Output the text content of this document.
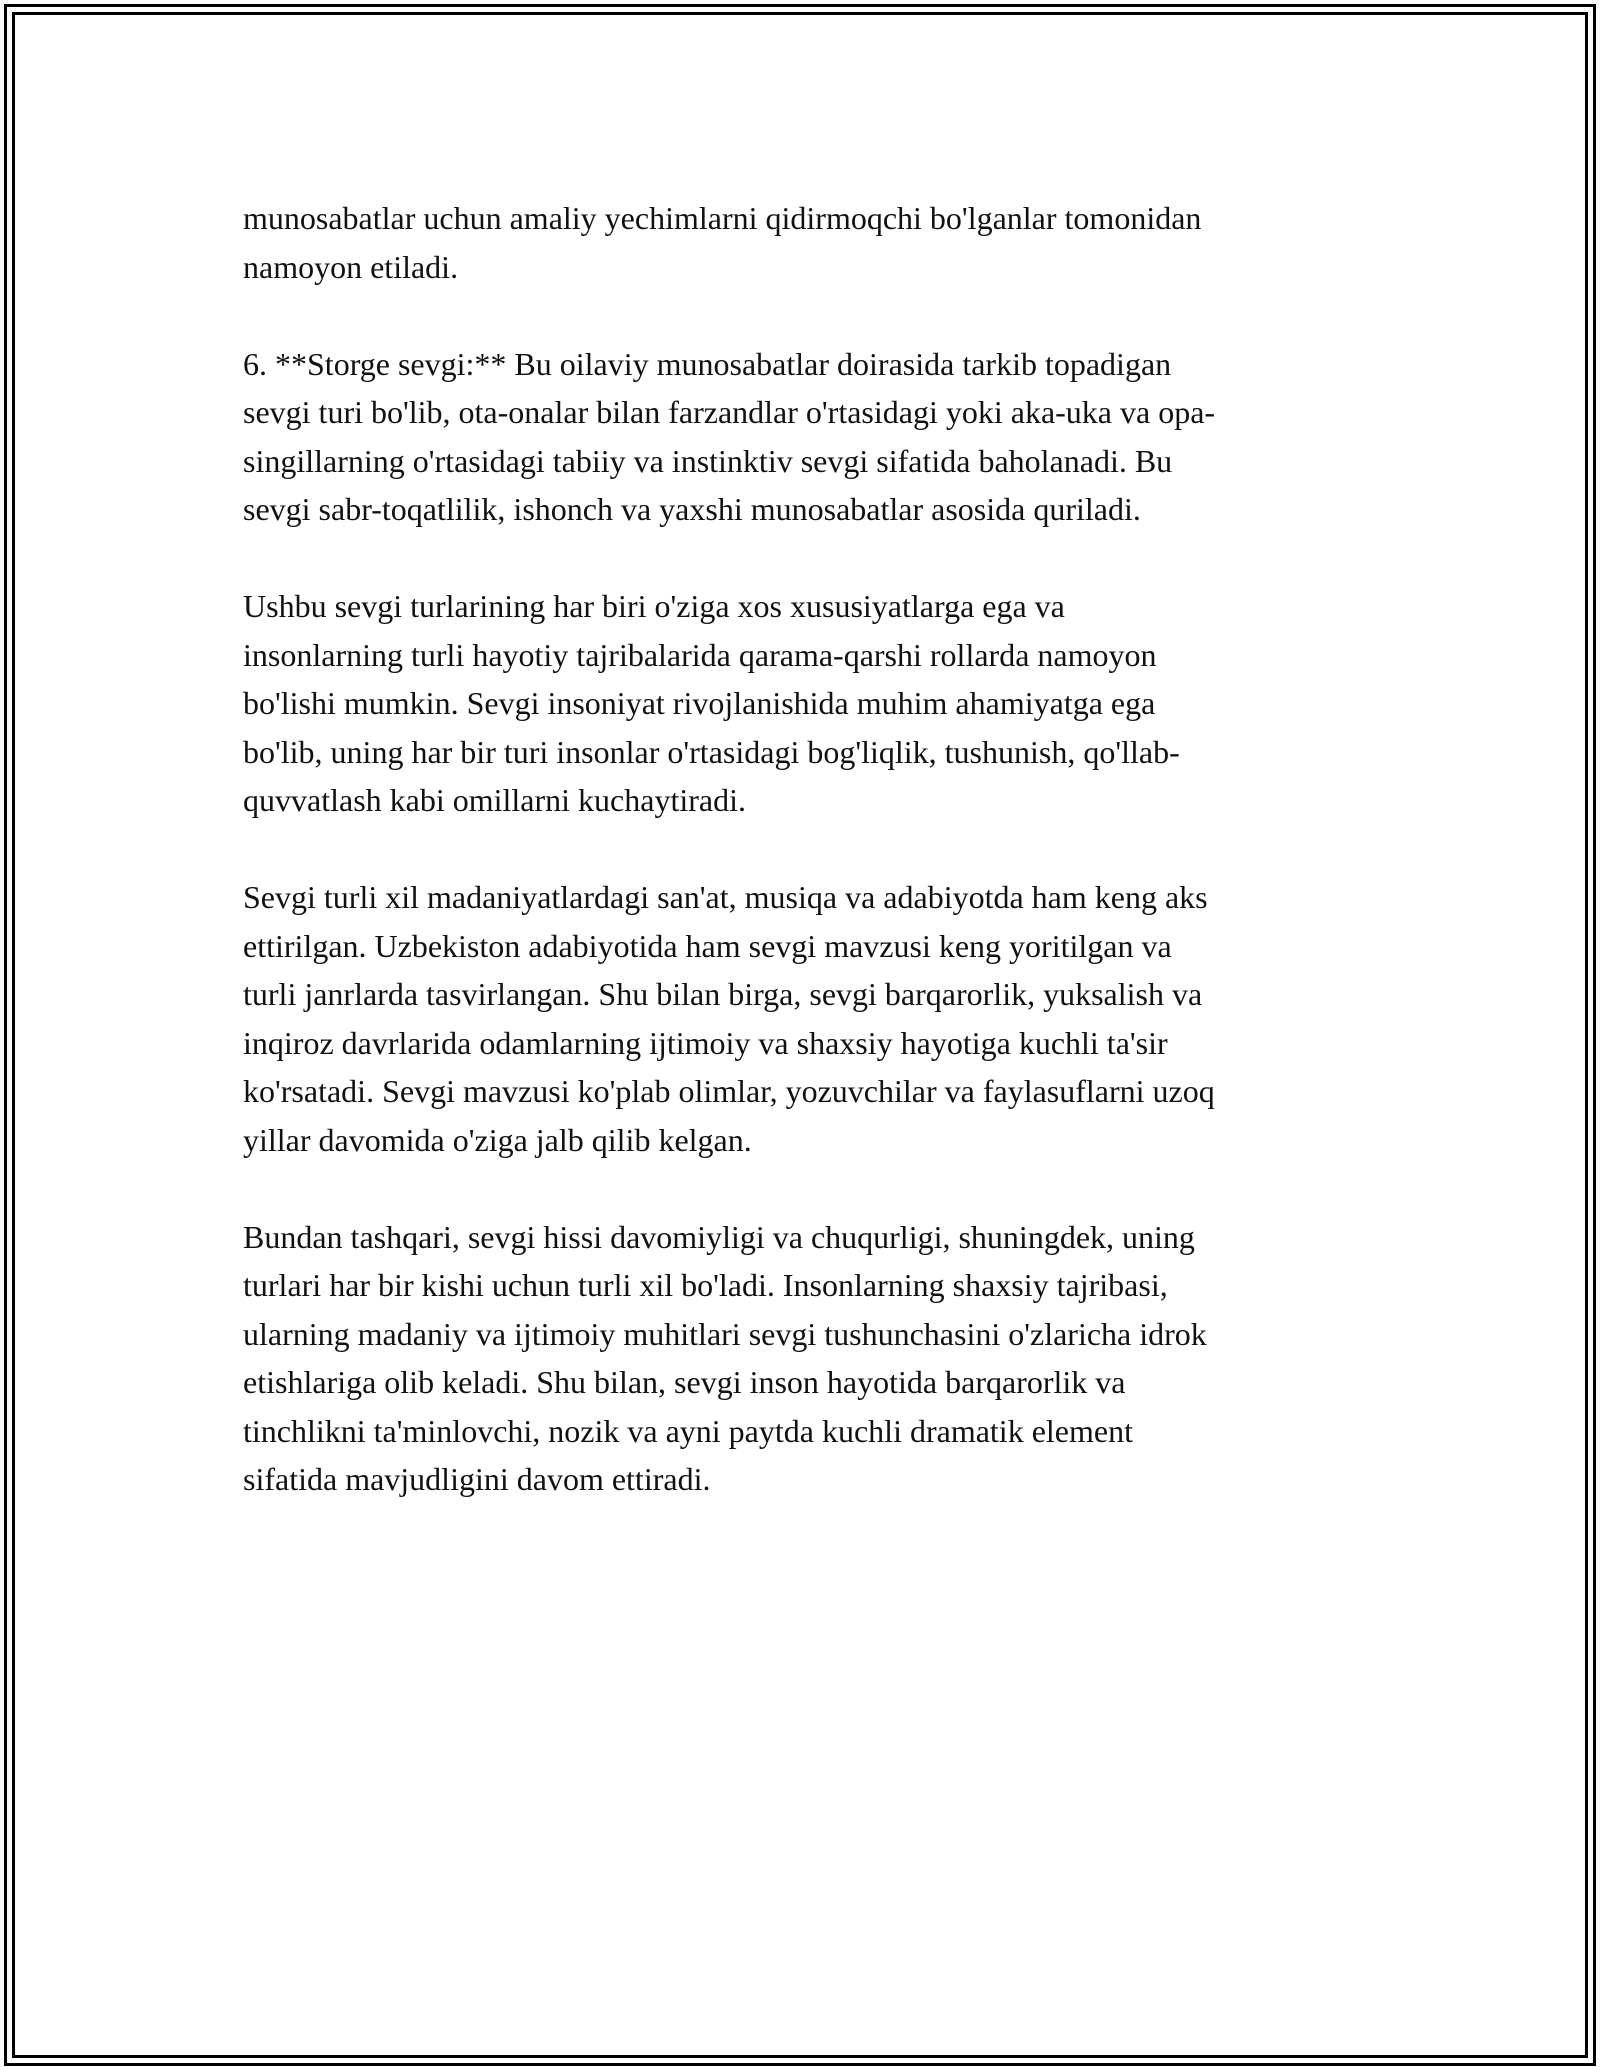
munosabatlar uchun amaliy yechimlarni qidirmoqchi bo'lganlar tomonidan
namoyon etiladi.
6. **Storge sevgi:** Bu oilaviy munosabatlar doirasida tarkib topadigan
sevgi turi bo'lib, ota-onalar bilan farzandlar o'rtasidagi yoki aka-uka va opa-
singillarning o'rtasidagi tabiiy va instinktiv sevgi sifatida baholanadi. Bu
sevgi sabr-toqatlilik, ishonch va yaxshi munosabatlar asosida quriladi.
Ushbu sevgi turlarining har biri o'ziga xos xususiyatlarga ega va
insonlarning turli hayotiy tajribalarida qarama-qarshi rollarda namoyon
bo'lishi mumkin. Sevgi insoniyat rivojlanishida muhim ahamiyatga ega
bo'lib, uning har bir turi insonlar o'rtasidagi bog'liqlik, tushunish, qo'llab-
quvvatlash kabi omillarni kuchaytiradi.
Sevgi turli xil madaniyatlardagi san'at, musiqa va adabiyotda ham keng aks
ettirilgan. Uzbekiston adabiyotida ham sevgi mavzusi keng yoritilgan va
turli janrlarda tasvirlangan. Shu bilan birga, sevgi barqarorlik, yuksalish va
inqiroz davrlarida odamlarning ijtimoiy va shaxsiy hayotiga kuchli ta'sir
ko'rsatadi. Sevgi mavzusi ko'plab olimlar, yozuvchilar va faylasuflarni uzoq
yillar davomida o'ziga jalb qilib kelgan.
Bundan tashqari, sevgi hissi davomiyligi va chuqurligi, shuningdek, uning
turlari har bir kishi uchun turli xil bo'ladi. Insonlarning shaxsiy tajribasi,
ularning madaniy va ijtimoiy muhitlari sevgi tushunchasini o'zlaricha idrok
etishlariga olib keladi. Shu bilan, sevgi inson hayotida barqarorlik va
tinchlikni ta'minlovchi, nozik va ayni paytda kuchli dramatik element
sifatida mavjudligini davom ettiradi.
